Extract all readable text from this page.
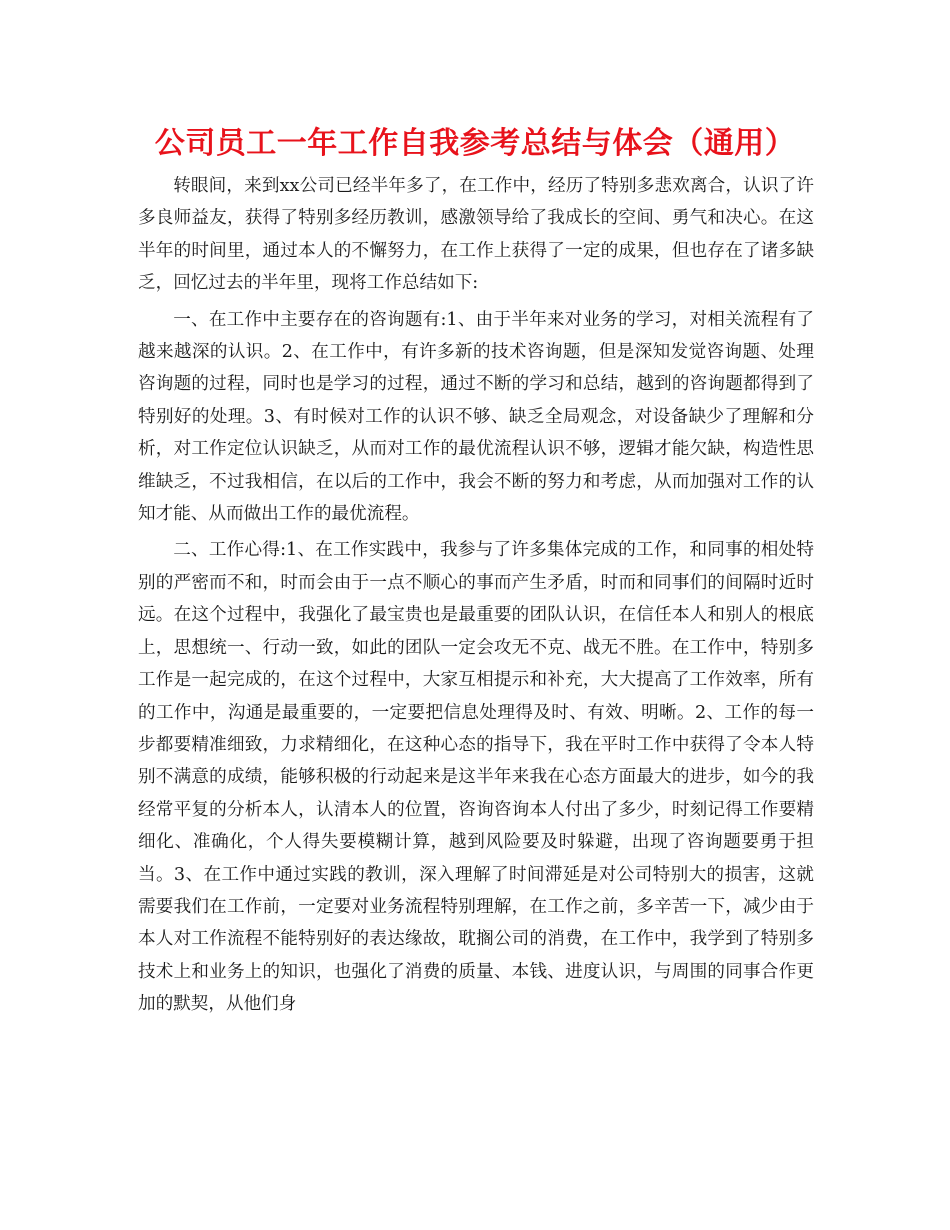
公司员工一年工作自我参考总结与体会（通用）

转眼间，来到xx公司已经半年多了，在工作中，经历了特别多悲欢离合，认识了许多良师益友，获得了特别多经历教训，感激领导给了我成长的空间、勇气和决心。在这半年的时间里，通过本人的不懈努力，在工作上获得了一定的成果，但也存在了诸多缺乏，回忆过去的半年里，现将工作总结如下:

一、在工作中主要存在的咨询题有:1、由于半年来对业务的学习，对相关流程有了越来越深的认识。2、在工作中，有许多新的技术咨询题，但是深知发觉咨询题、处理咨询题的过程，同时也是学习的过程，通过不断的学习和总结，越到的咨询题都得到了特别好的处理。3、有时候对工作的认识不够、缺乏全局观念，对设备缺少了理解和分析，对工作定位认识缺乏，从而对工作的最优流程认识不够，逻辑才能欠缺，构造性思维缺乏，不过我相信，在以后的工作中，我会不断的努力和考虑，从而加强对工作的认知才能、从而做出工作的最优流程。

二、工作心得:1、在工作实践中，我参与了许多集体完成的工作，和同事的相处特别的严密而不和，时而会由于一点不顺心的事而产生矛盾，时而和同事们的间隔时近时远。在这个过程中，我强化了最宝贵也是最重要的团队认识，在信任本人和别人的根底上，思想统一、行动一致，如此的团队一定会攻无不克、战无不胜。在工作中，特别多工作是一起完成的，在这个过程中，大家互相提示和补充，大大提高了工作效率，所有的工作中，沟通是最重要的，一定要把信息处理得及时、有效、明晰。2、工作的每一步都要精准细致，力求精细化，在这种心态的指导下，我在平时工作中获得了令本人特别不满意的成绩，能够积极的行动起来是这半年来我在心态方面最大的进步，如今的我经常平复的分析本人，认清本人的位置，咨询咨询本人付出了多少，时刻记得工作要精细化、准确化，个人得失要模糊计算，越到风险要及时躲避，出现了咨询题要勇于担当。3、在工作中通过实践的教训，深入理解了时间滞延是对公司特别大的损害，这就需要我们在工作前，一定要对业务流程特别理解，在工作之前，多辛苦一下，减少由于本人对工作流程不能特别好的表达缘故，耽搁公司的消费，在工作中，我学到了特别多技术上和业务上的知识，也强化了消费的质量、本钱、进度认识，与周围的同事合作更加的默契，从他们身
